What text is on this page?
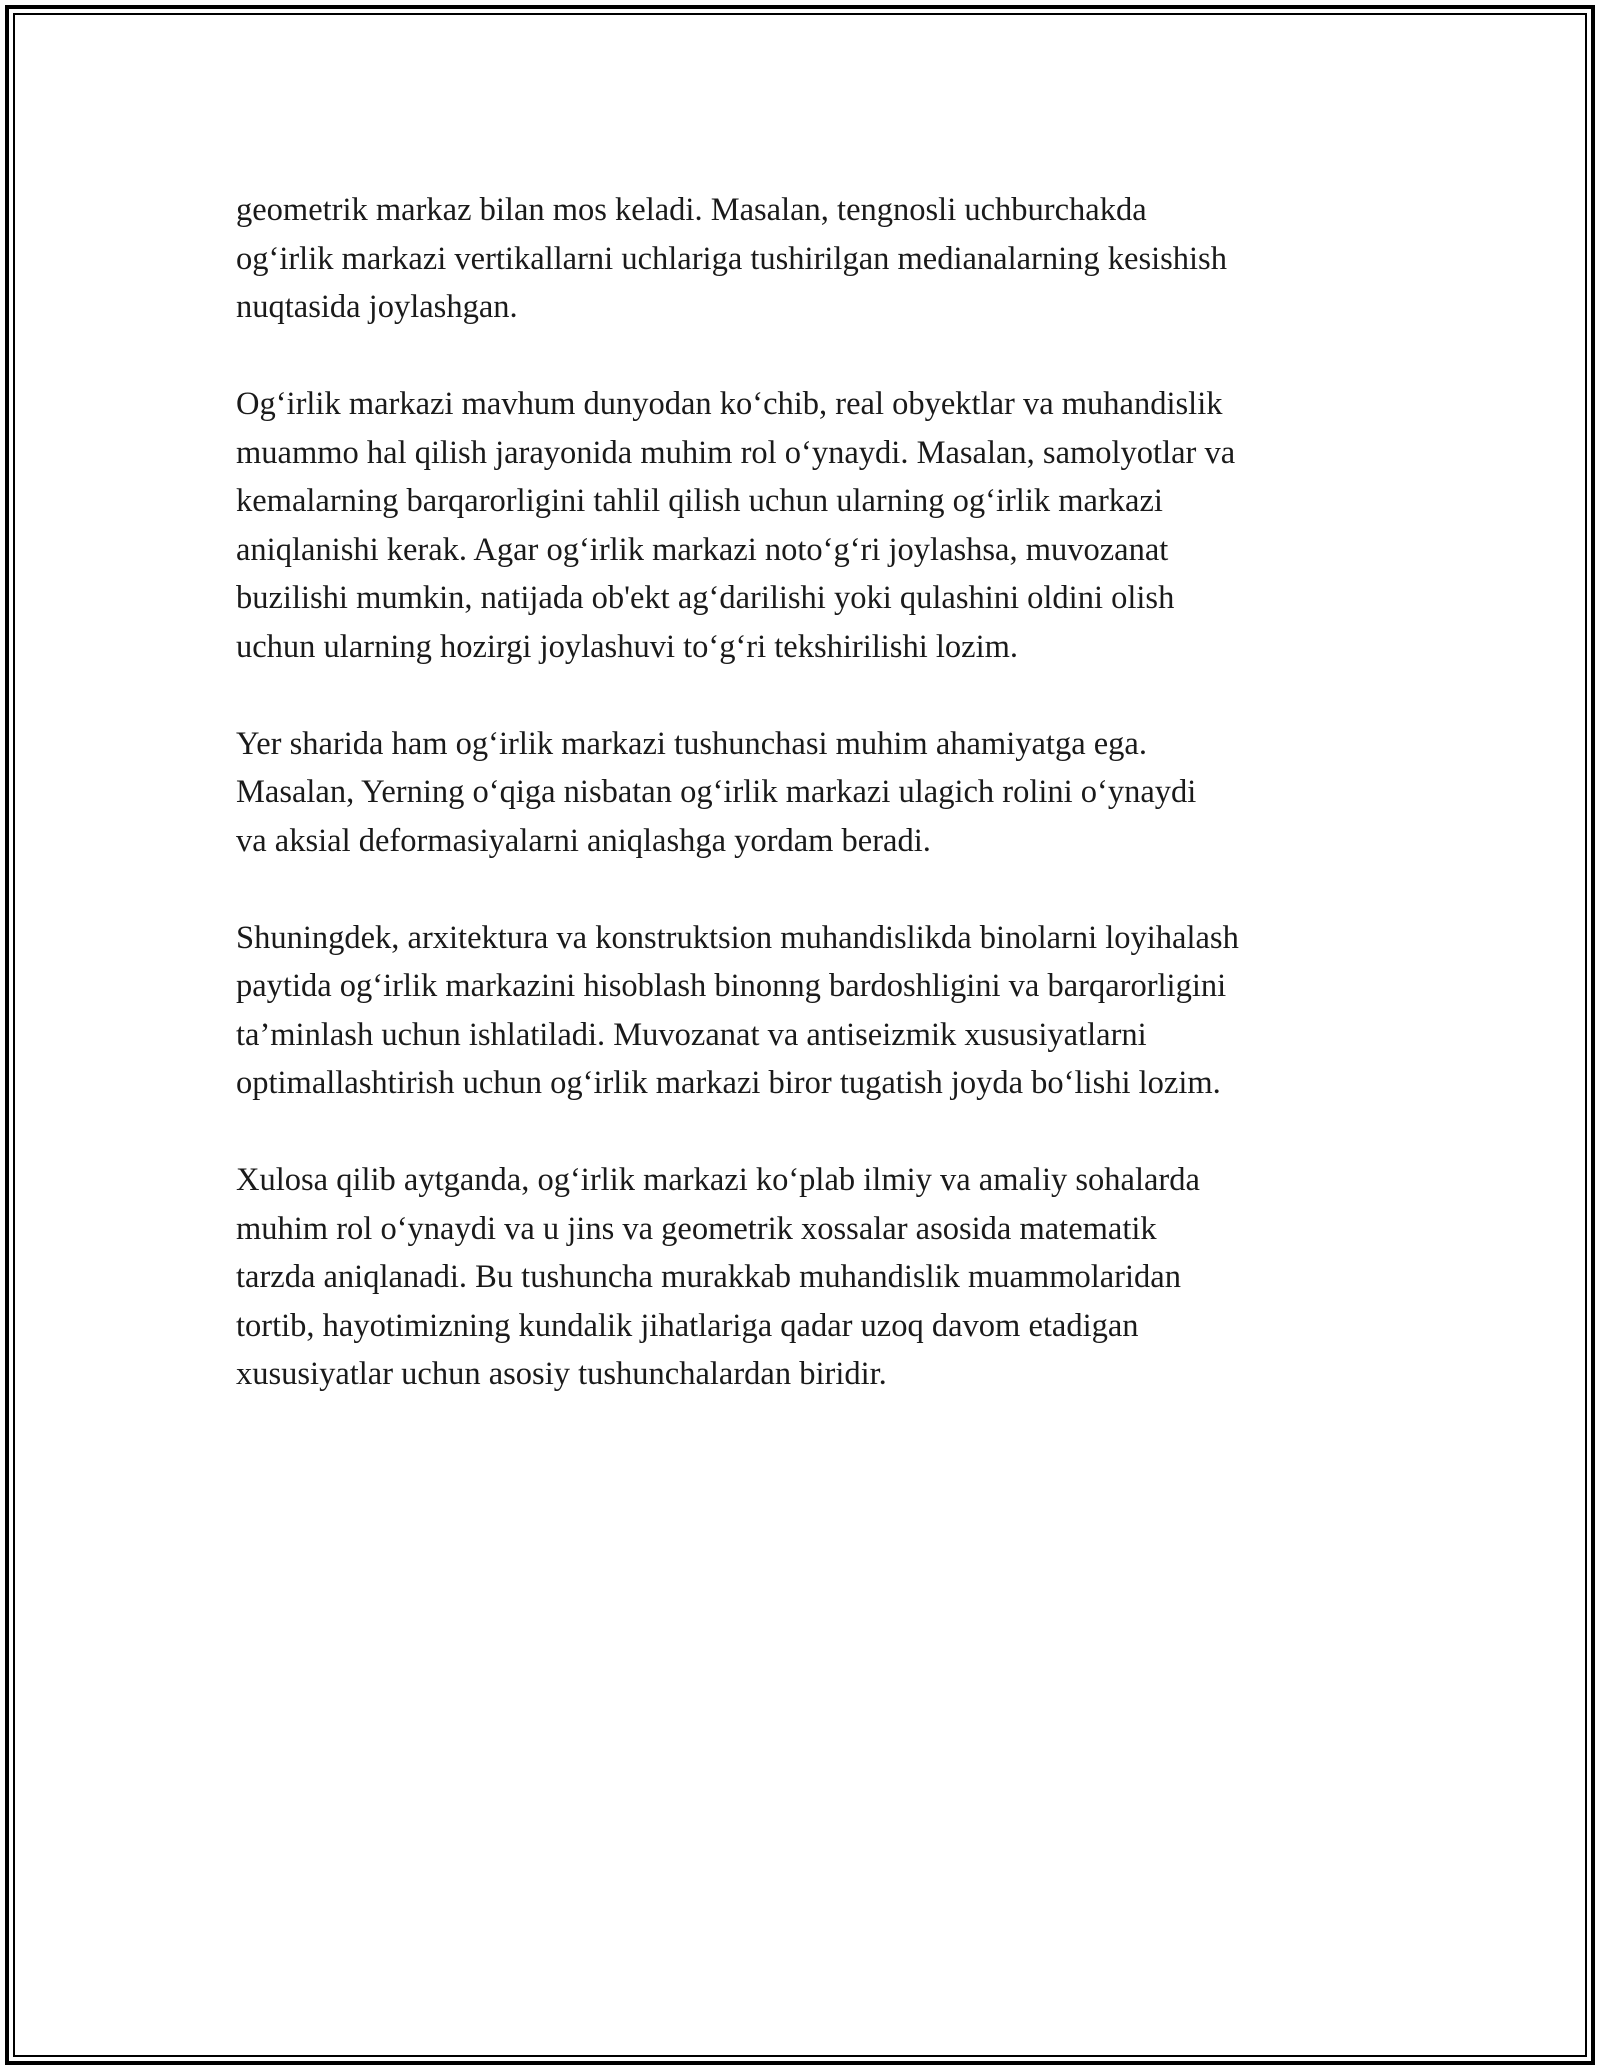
geometrik markaz bilan mos keladi. Masalan, tengnosli uchburchakda
og‘irlik markazi vertikallarni uchlariga tushirilgan medianalarning kesishish
nuqtasida joylashgan.

Og‘irlik markazi mavhum dunyodan ko‘chib, real obyektlar va muhandislik
muammo hal qilish jarayonida muhim rol o‘ynaydi. Masalan, samolyotlar va
kemalarning barqarorligini tahlil qilish uchun ularning og‘irlik markazi
aniqlanishi kerak. Agar og‘irlik markazi noto‘g‘ri joylashsa, muvozanat
buzilishi mumkin, natijada ob'ekt ag‘darilishi yoki qulashini oldini olish
uchun ularning hozirgi joylashuvi to‘g‘ri tekshirilishi lozim.

Yer sharida ham og‘irlik markazi tushunchasi muhim ahamiyatga ega.
Masalan, Yerning o‘qiga nisbatan og‘irlik markazi ulagich rolini o‘ynaydi
va aksial deformasiyalarni aniqlashga yordam beradi.

Shuningdek, arxitektura va konstruktsion muhandislikda binolarni loyihalash
paytida og‘irlik markazini hisoblash binonng bardoshligini va barqarorligini
ta’minlash uchun ishlatiladi. Muvozanat va antiseizmik xususiyatlarni
optimallashtirish uchun og‘irlik markazi biror tugatish joyda bo‘lishi lozim.

Xulosa qilib aytganda, og‘irlik markazi ko‘plab ilmiy va amaliy sohalarda
muhim rol o‘ynaydi va u jins va geometrik xossalar asosida matematik
tarzda aniqlanadi. Bu tushuncha murakkab muhandislik muammolaridan
tortib, hayotimizning kundalik jihatlariga qadar uzoq davom etadigan
xususiyatlar uchun asosiy tushunchalardan biridir.
